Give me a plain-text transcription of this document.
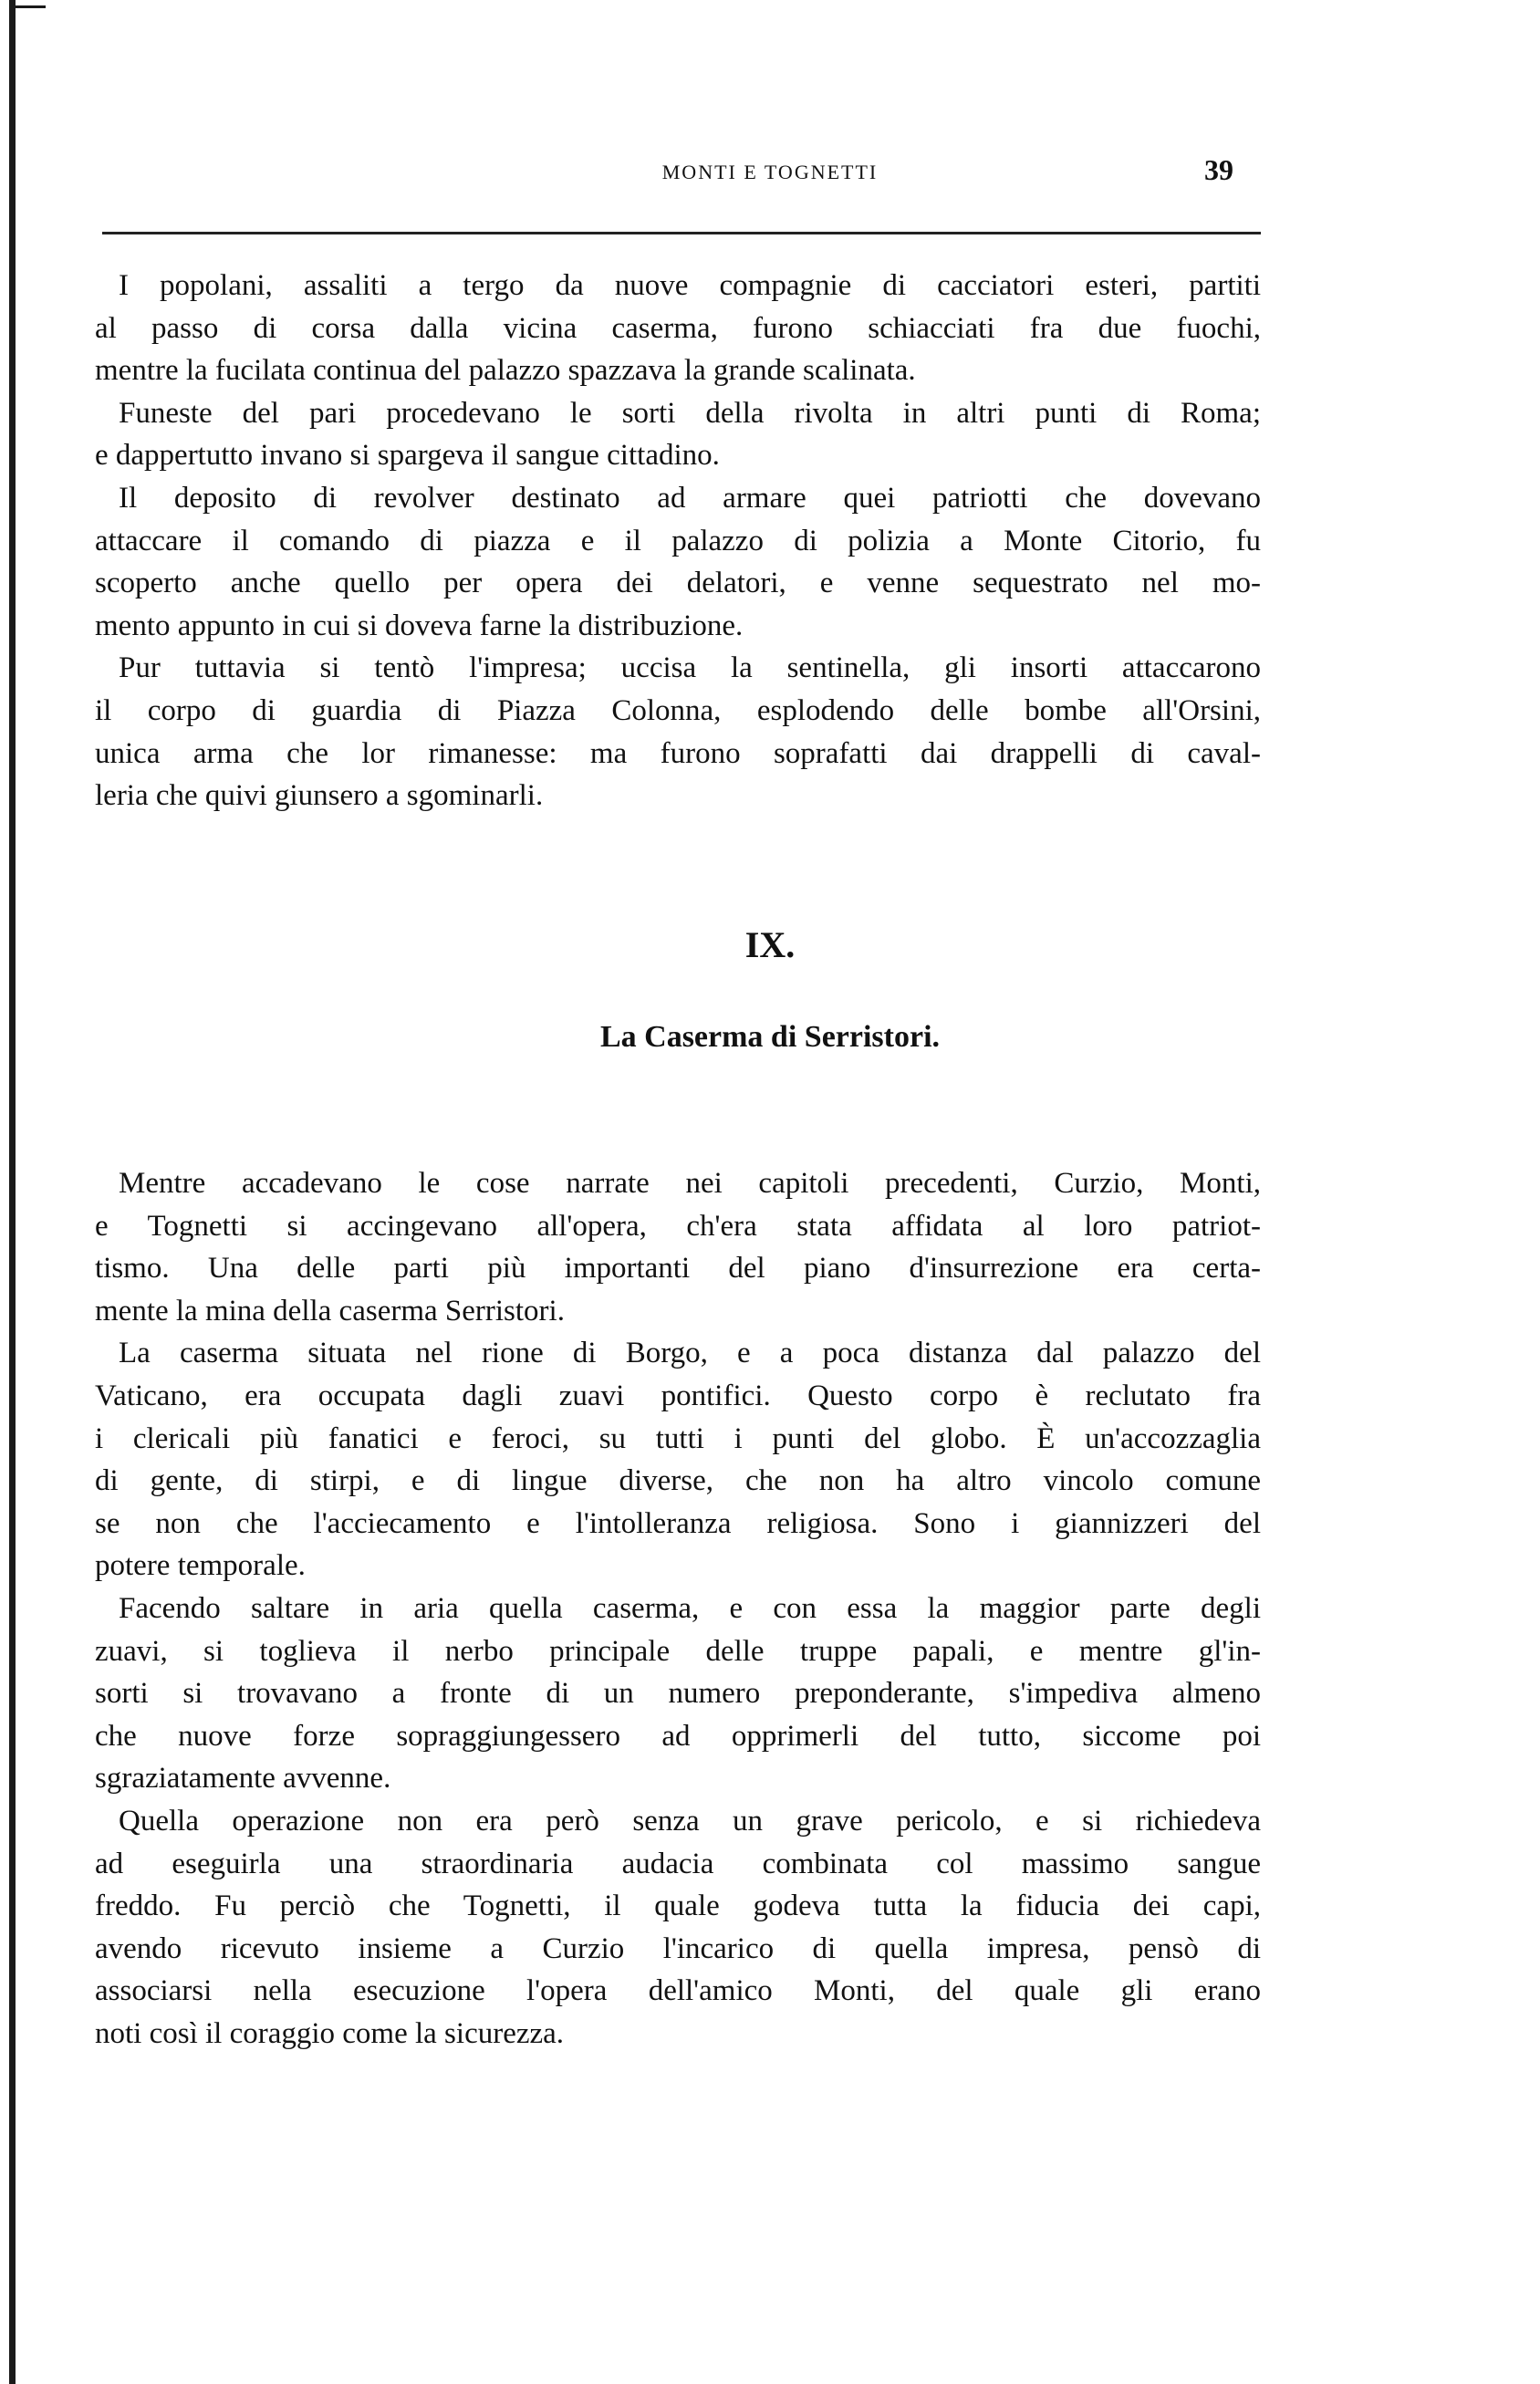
MONTI E TOGNETTI	39
I popolani, assaliti a tergo da nuove compagnie di cacciatori esteri, partiti
al passo di corsa dalla vicina caserma, furono schiacciati fra due fuochi,
mentre la fucilata continua del palazzo spazzava la grande scalinata.
Funeste del pari procedevano le sorti della rivolta in altri punti di Roma;
e dappertutto invano si spargeva il sangue cittadino.
Il deposito di revolver destinato ad armare quei patriotti che dovevano
attaccare il comando di piazza e il palazzo di polizia a Monte Citorio, fu
scoperto anche quello per opera dei delatori, e venne sequestrato nel mo-
mento appunto in cui si doveva farne la distribuzione.
Pur tuttavia si tentò l'impresa; uccisa la sentinella, gli insorti attaccarono
il corpo di guardia di Piazza Colonna, esplodendo delle bombe all'Orsini,
unica arma che lor rimanesse: ma furono soprafatti dai drappelli di caval-
leria che quivi giunsero a sgominarli.
IX.
La Caserma di Serristori.
Mentre accadevano le cose narrate nei capitoli precedenti, Curzio, Monti,
e Tognetti si accingevano all'opera, ch'era stata affidata al loro patriot-
tismo. Una delle parti più importanti del piano d'insurrezione era certa-
mente la mina della caserma Serristori.
La caserma situata nel rione di Borgo, e a poca distanza dal palazzo del
Vaticano, era occupata dagli zuavi pontifici. Questo corpo è reclutato fra
i clericali più fanatici e feroci, su tutti i punti del globo. È un'accozzaglia
di gente, di stirpi, e di lingue diverse, che non ha altro vincolo comune
se non che l'acciecamento e l'intolleranza religiosa. Sono i giannizzeri del
potere temporale.
Facendo saltare in aria quella caserma, e con essa la maggior parte degli
zuavi, si toglieva il nerbo principale delle truppe papali, e mentre gl'in-
sorti si trovavano a fronte di un numero preponderante, s'impediva almeno
che nuove forze sopraggiungessero ad opprimerli del tutto, siccome poi
sgraziatamente avvenne.
Quella operazione non era però senza un grave pericolo, e si richiedeva
ad eseguirla una straordinaria audacia combinata col massimo sangue
freddo. Fu perciò che Tognetti, il quale godeva tutta la fiducia dei capi,
avendo ricevuto insieme a Curzio l'incarico di quella impresa, pensò di
associarsi nella esecuzione l'opera dell'amico Monti, del quale gli erano
noti così il coraggio come la sicurezza.
